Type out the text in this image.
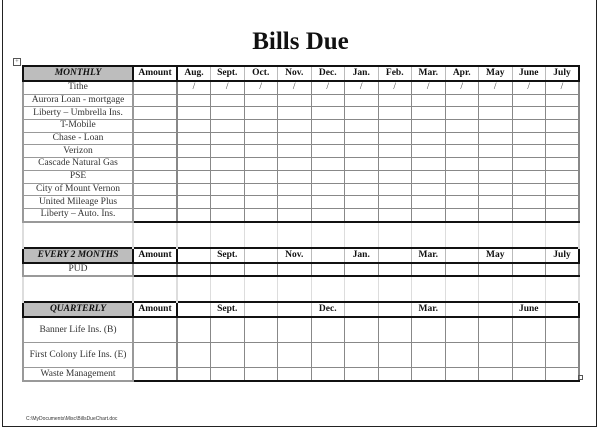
Bills Due
+
MONTHLY	Amount	Aug.	Sept.	Oct.	Nov.	Dec.	Jan.	Feb.	Mar.	Apr.	May	June	July
Tithe		/	/	/	/	/	/	/	/	/	/	/	/
Aurora Loan - mortgage													
Liberty – Umbrella Ins.													
T-Mobile													
Chase - Loan													
Verizon													
Cascade Natural Gas													
PSE													
City of Mount Vernon													
United Mileage Plus													
Liberty – Auto. Ins.													

EVERY 2 MONTHS	Amount		Sept.		Nov.		Jan.		Mar.		May		July
PUD													

QUARTERLY	Amount		Sept.			Dec.			Mar.			June	
Banner Life Ins. (B)													
First Colony Life Ins. (E)													
Waste Management													
C:\MyDocuments\Misc\BillsDueChart.doc
